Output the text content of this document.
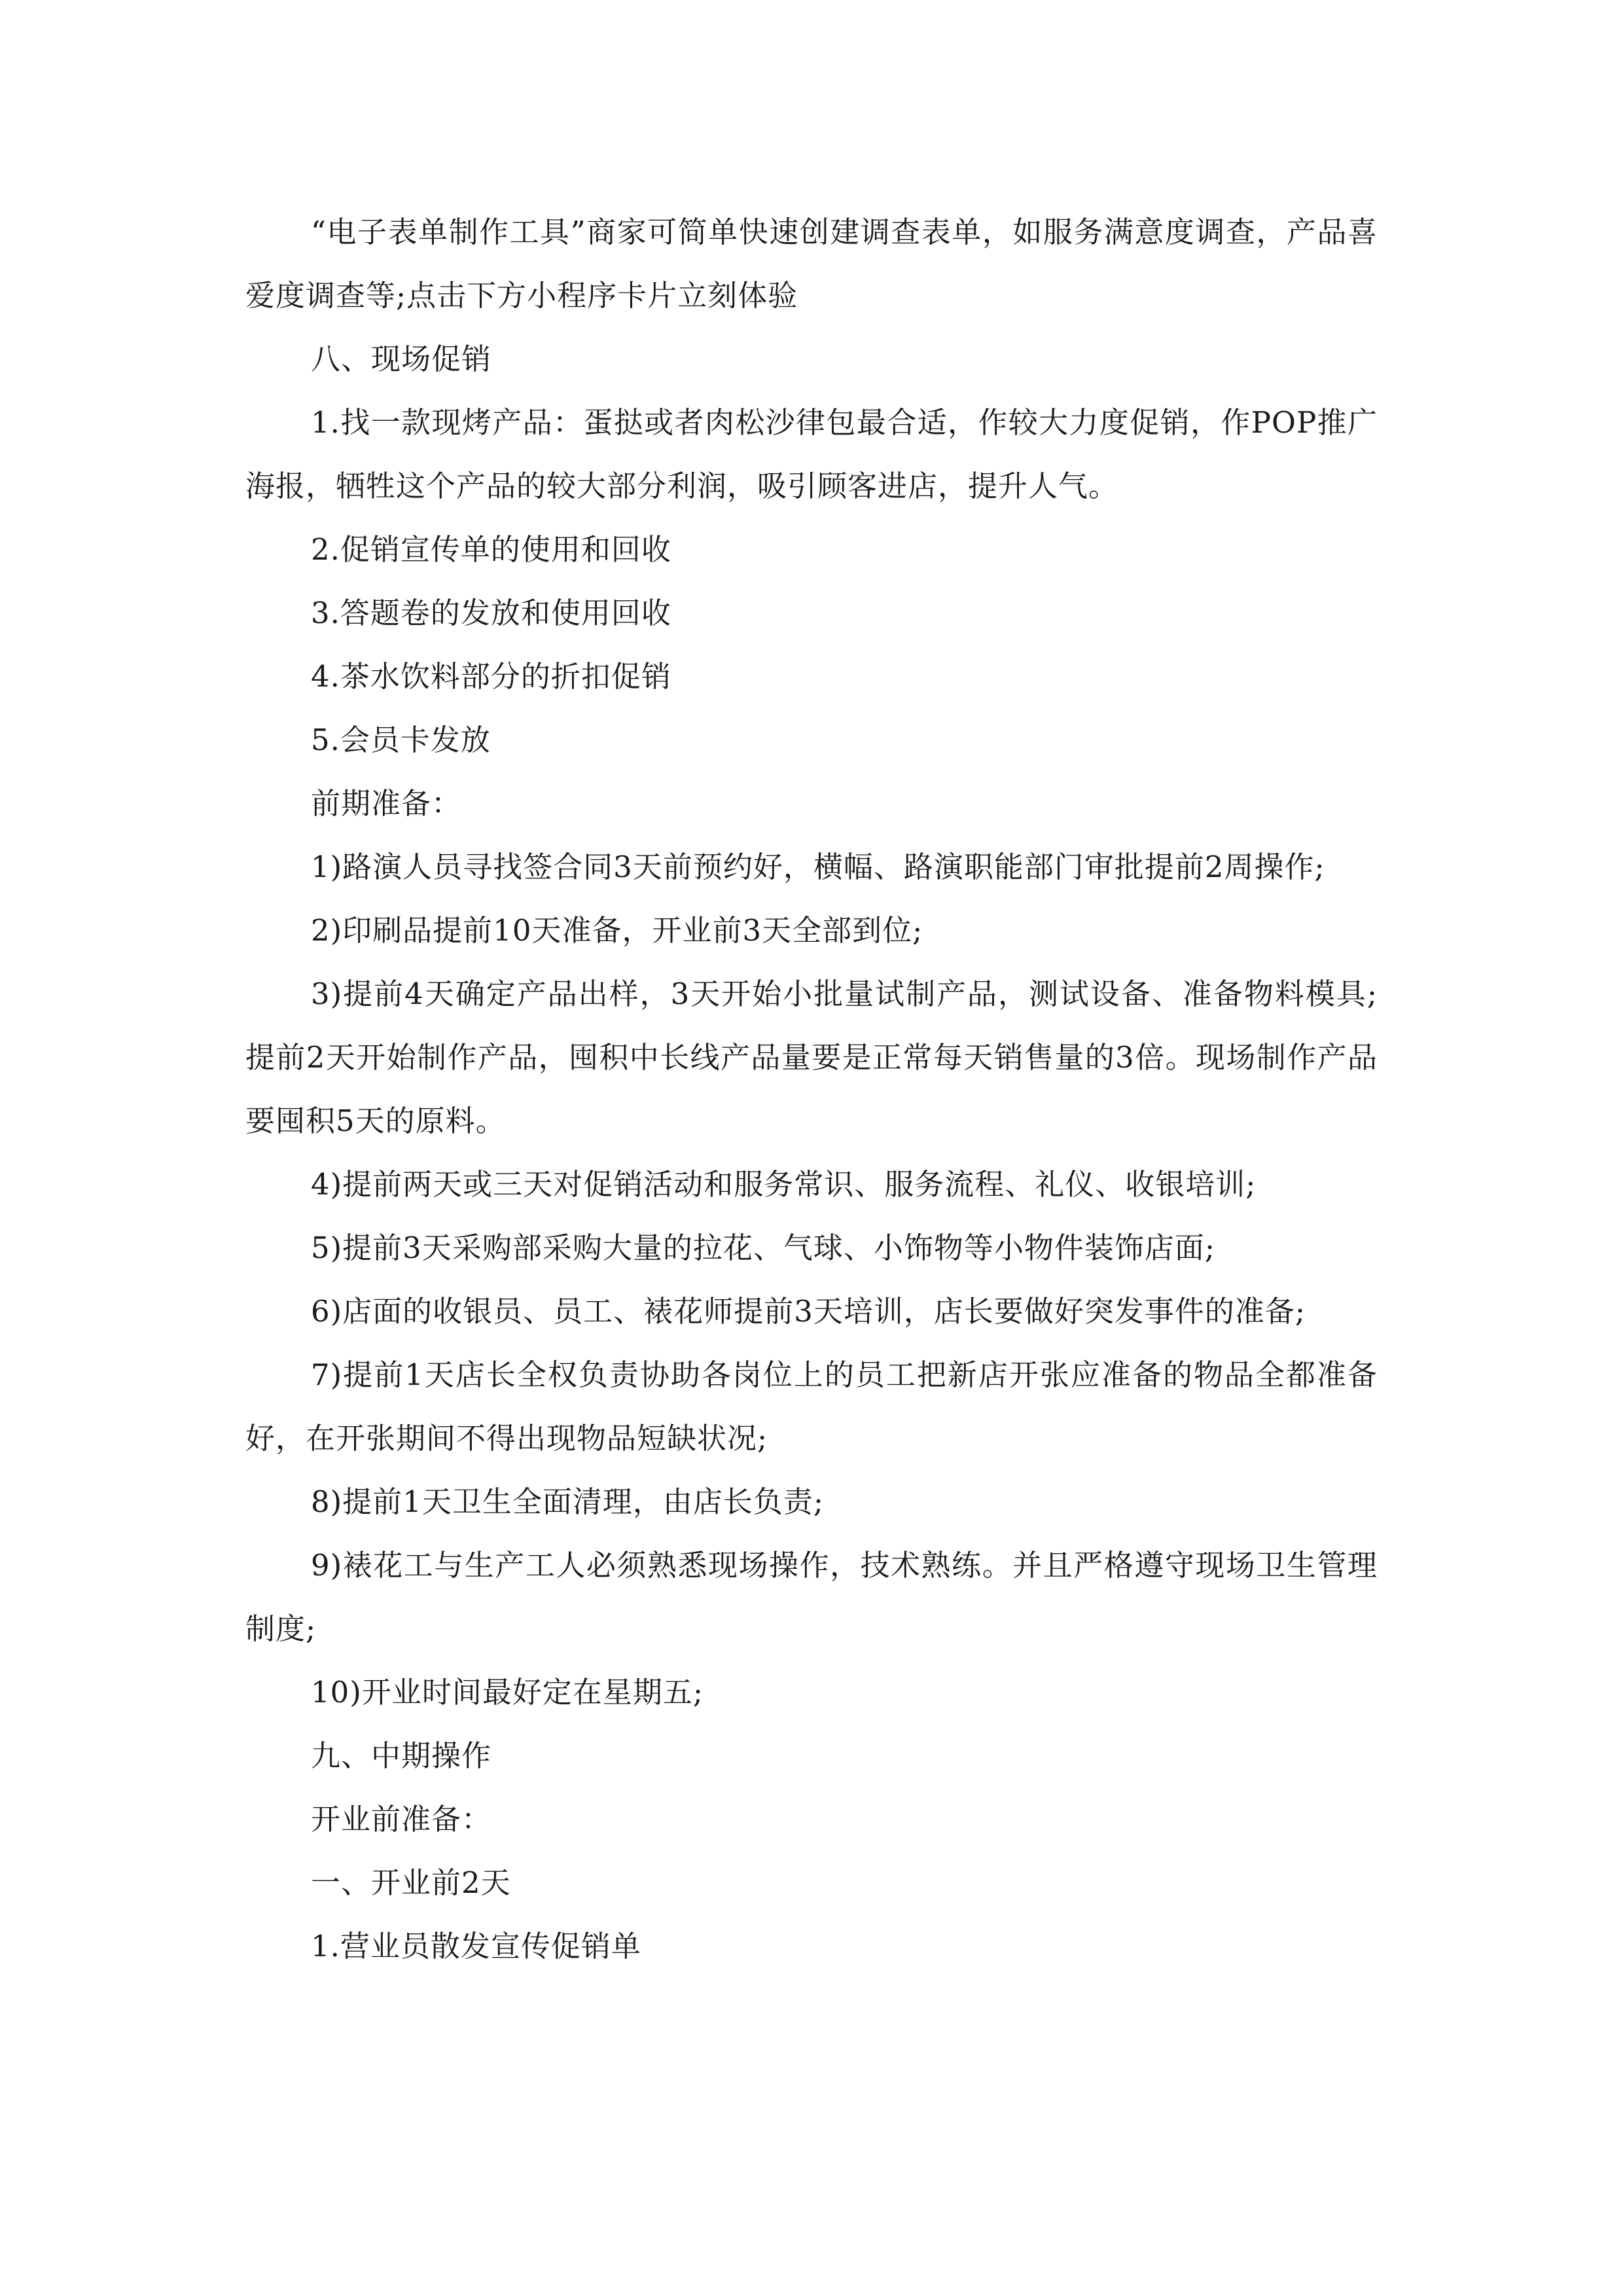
“电子表单制作工具”商家可简单快速创建调查表单，如服务满意度调查，产品喜爱度调查等;点击下方小程序卡片立刻体验

八、现场促销

1.找一款现烤产品：蛋挞或者肉松沙律包最合适，作较大力度促销，作POP推广海报，牺牲这个产品的较大部分利润，吸引顾客进店，提升人气。

2.促销宣传单的使用和回收

3.答题卷的发放和使用回收

4.茶水饮料部分的折扣促销

5.会员卡发放

前期准备：

1)路演人员寻找签合同3天前预约好，横幅、路演职能部门审批提前2周操作;

2)印刷品提前10天准备，开业前3天全部到位;

3)提前4天确定产品出样，3天开始小批量试制产品，测试设备、准备物料模具;提前2天开始制作产品，囤积中长线产品量要是正常每天销售量的3倍。现场制作产品要囤积5天的原料。

4)提前两天或三天对促销活动和服务常识、服务流程、礼仪、收银培训;

5)提前3天采购部采购大量的拉花、气球、小饰物等小物件装饰店面;

6)店面的收银员、员工、裱花师提前3天培训，店长要做好突发事件的准备;

7)提前1天店长全权负责协助各岗位上的员工把新店开张应准备的物品全都准备好，在开张期间不得出现物品短缺状况;

8)提前1天卫生全面清理，由店长负责;

9)裱花工与生产工人必须熟悉现场操作，技术熟练。并且严格遵守现场卫生管理制度;

10)开业时间最好定在星期五;

九、中期操作

开业前准备：

一、开业前2天

1.营业员散发宣传促销单
